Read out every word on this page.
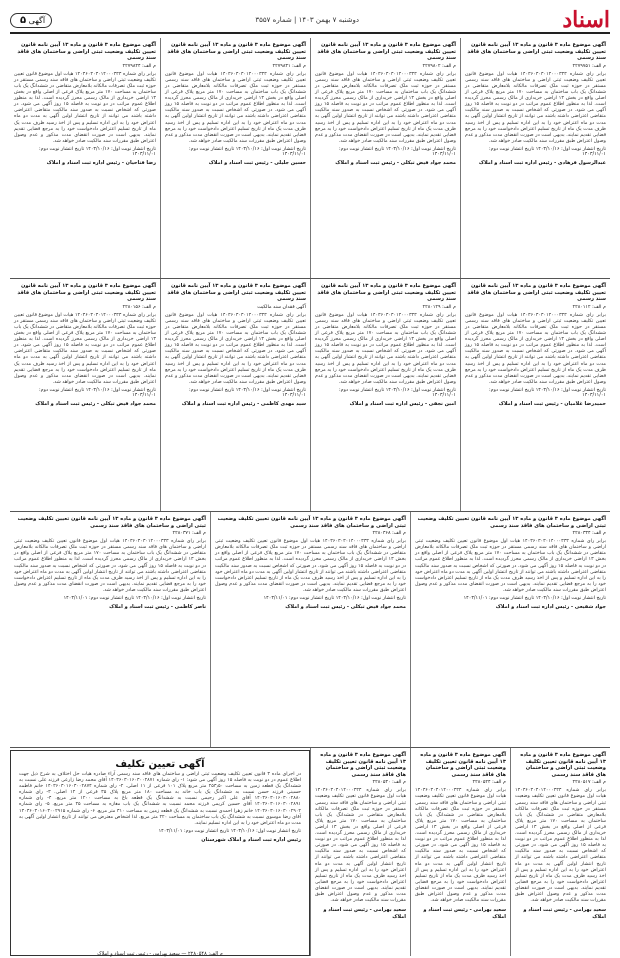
اسناد
دوشنبه ۷ بهمن ۱۴۰۳ | شماره ۳۵۵۷
۵ آگهی
آگهی موضوع ماده ۳ قانون و ماده ۱۳ آیین نامه قانون تعیین تکلیف وضعیت ثبتی اراضی و ساختمان های فاقد سند رسمی
م الف: ۲۲۷۹۷۵۱
برابر رای شماره ۱۴۰۳۶۰۳۰۳۰۱۴۰۰۰۳۳۳ هیات اول موضوع قانون تعیین تکلیف وضعیت ثبتی اراضی و ساختمان های فاقد سند رسمی مستقر در حوزه ثبت ملک تصرفات مالکانه بلامعارض متقاضی در ششدانگ یک باب ساختمان به مساحت ۱۷۰ متر مربع پلاک فرعی از اصلی واقع در بخش ۱۳ اراضی خریداری از مالک رسمی محرز گردیده است. لذا به منظور اطلاع عموم مراتب در دو نوبت به فاصله ۱۵ روز آگهی می شود. در صورتی که اشخاص نسبت به صدور سند مالکیت متقاضی اعتراضی داشته باشند می توانند از تاریخ انتشار اولین آگهی به مدت دو ماه اعتراض خود را به این اداره تسلیم و پس از اخذ رسید ظرف مدت یک ماه از تاریخ تسلیم اعتراض دادخواست خود را به مرجع قضایی تقدیم نمایند. بدیهی است در صورت انقضای مدت مذکور و عدم وصول اعتراض طبق مقررات سند مالکیت صادر خواهد شد.
تاریخ انتشار نوبت اول: ۱۴۰۳/۱۰/۱۶ تاریخ انتشار نوبت دوم: ۱۴۰۳/۱۱/۰۱
عبدالرسول فرهادی - رئیس اداره ثبت اسناد و املاک
آگهی موضوع ماده ۳ قانون و ماده ۱۳ آیین نامه قانون تعیین تکلیف وضعیت ثبتی اراضی و ساختمان های فاقد سند رسمی
م الف: ۲۲۷۹۸۰۲
برابر رای شماره ۱۴۰۳۶۰۳۰۳۰۱۴۰۰۰۳۳۳ هیات اول موضوع قانون تعیین تکلیف وضعیت ثبتی اراضی و ساختمان های فاقد سند رسمی مستقر در حوزه ثبت ملک تصرفات مالکانه بلامعارض متقاضی در ششدانگ یک باب ساختمان به مساحت ۱۷۰ متر مربع پلاک فرعی از اصلی واقع در بخش ۱۳ اراضی خریداری از مالک رسمی محرز گردیده است. لذا به منظور اطلاع عموم مراتب در دو نوبت به فاصله ۱۵ روز آگهی می شود. در صورتی که اشخاص نسبت به صدور سند مالکیت متقاضی اعتراضی داشته باشند می توانند از تاریخ انتشار اولین آگهی به مدت دو ماه اعتراض خود را به این اداره تسلیم و پس از اخذ رسید ظرف مدت یک ماه از تاریخ تسلیم اعتراض دادخواست خود را به مرجع قضایی تقدیم نمایند. بدیهی است در صورت انقضای مدت مذکور و عدم وصول اعتراض طبق مقررات سند مالکیت صادر خواهد شد.
تاریخ انتشار نوبت اول: ۱۴۰۳/۱۰/۱۶ تاریخ انتشار نوبت دوم: ۱۴۰۳/۱۱/۰۱
محمد جواد فیض تبکلی - رئیس ثبت اسناد و املاک
آگهی موضوع ماده ۳ قانون و ماده ۱۳ آیین نامه قانون تعیین تکلیف وضعیت ثبتی اراضی و ساختمان های فاقد سند رسمی
م الف: ۲۲۷۹۸۳۱
برابر رای شماره ۱۴۰۳۶۰۳۰۳۰۱۴۰۰۰۳۳۳ هیات اول موضوع قانون تعیین تکلیف وضعیت ثبتی اراضی و ساختمان های فاقد سند رسمی مستقر در حوزه ثبت ملک تصرفات مالکانه بلامعارض متقاضی در ششدانگ یک باب ساختمان به مساحت ۱۷۰ متر مربع پلاک فرعی از اصلی واقع در بخش ۱۳ اراضی خریداری از مالک رسمی محرز گردیده است. لذا به منظور اطلاع عموم مراتب در دو نوبت به فاصله ۱۵ روز آگهی می شود. در صورتی که اشخاص نسبت به صدور سند مالکیت متقاضی اعتراضی داشته باشند می توانند از تاریخ انتشار اولین آگهی به مدت دو ماه اعتراض خود را به این اداره تسلیم و پس از اخذ رسید ظرف مدت یک ماه از تاریخ تسلیم اعتراض دادخواست خود را به مرجع قضایی تقدیم نمایند. بدیهی است در صورت انقضای مدت مذکور و عدم وصول اعتراض طبق مقررات سند مالکیت صادر خواهد شد.
تاریخ انتشار نوبت اول: ۱۴۰۳/۱۰/۱۶ تاریخ انتشار نوبت دوم: ۱۴۰۳/۱۱/۰۱
حسین جلیلی - رئیس ثبت اسناد و املاک
آگهی موضوع ماده ۳ قانون و ماده ۱۳ آیین نامه قانون تعیین تکلیف وضعیت ثبتی اراضی و ساختمان های فاقد سند رسمی
م الف: ۲۲۷۹۸۴۴
برابر رای شماره ۱۴۰۳۶۰۳۰۳۰۱۴۰۰۰۳۳۳ هیات اول موضوع قانون تعیین تکلیف وضعیت ثبتی اراضی و ساختمان های فاقد سند رسمی مستقر در حوزه ثبت ملک تصرفات مالکانه بلامعارض متقاضی در ششدانگ یک باب ساختمان به مساحت ۱۷۰ متر مربع پلاک فرعی از اصلی واقع در بخش ۱۳ اراضی خریداری از مالک رسمی محرز گردیده است. لذا به منظور اطلاع عموم مراتب در دو نوبت به فاصله ۱۵ روز آگهی می شود. در صورتی که اشخاص نسبت به صدور سند مالکیت متقاضی اعتراضی داشته باشند می توانند از تاریخ انتشار اولین آگهی به مدت دو ماه اعتراض خود را به این اداره تسلیم و پس از اخذ رسید ظرف مدت یک ماه از تاریخ تسلیم اعتراض دادخواست خود را به مرجع قضایی تقدیم نمایند. بدیهی است در صورت انقضای مدت مذکور و عدم وصول اعتراض طبق مقررات سند مالکیت صادر خواهد شد.
تاریخ انتشار نوبت اول: ۱۴۰۳/۱۰/۱۶ تاریخ انتشار نوبت دوم: ۱۴۰۳/۱۱/۰۱
رضا فتاحیان - رئیس اداره ثبت اسناد و املاک
آگهی موضوع ماده ۳ قانون و ماده ۱۳ آیین نامه قانون تعیین تکلیف وضعیت ثبتی اراضی و ساختمان های فاقد سند رسمی
م الف: ۲۲۸۰۱۱۲
برابر رای شماره ۱۴۰۳۶۰۳۰۳۰۱۴۰۰۰۳۳۳ هیات اول موضوع قانون تعیین تکلیف وضعیت ثبتی اراضی و ساختمان های فاقد سند رسمی مستقر در حوزه ثبت ملک تصرفات مالکانه بلامعارض متقاضی در ششدانگ یک باب ساختمان به مساحت ۱۷۰ متر مربع پلاک فرعی از اصلی واقع در بخش ۱۳ اراضی خریداری از مالک رسمی محرز گردیده است. لذا به منظور اطلاع عموم مراتب در دو نوبت به فاصله ۱۵ روز آگهی می شود. در صورتی که اشخاص نسبت به صدور سند مالکیت متقاضی اعتراضی داشته باشند می توانند از تاریخ انتشار اولین آگهی به مدت دو ماه اعتراض خود را به این اداره تسلیم و پس از اخذ رسید ظرف مدت یک ماه از تاریخ تسلیم اعتراض دادخواست خود را به مرجع قضایی تقدیم نمایند. بدیهی است در صورت انقضای مدت مذکور و عدم وصول اعتراض طبق مقررات سند مالکیت صادر خواهد شد.
تاریخ انتشار نوبت اول: ۱۴۰۳/۱۰/۱۶ تاریخ انتشار نوبت دوم: ۱۴۰۳/۱۱/۰۱
حمیدرضا غلامیان - رئیس ثبت اسناد و املاک
آگهی موضوع ماده ۳ قانون و ماده ۱۳ آیین نامه قانون تعیین تکلیف وضعیت ثبتی اراضی و ساختمان های فاقد سند رسمی
م الف: ۲۲۸۰۱۲۹
برابر رای شماره ۱۴۰۳۶۰۳۰۳۰۱۴۰۰۰۳۳۳ هیات اول موضوع قانون تعیین تکلیف وضعیت ثبتی اراضی و ساختمان های فاقد سند رسمی مستقر در حوزه ثبت ملک تصرفات مالکانه بلامعارض متقاضی در ششدانگ یک باب ساختمان به مساحت ۱۷۰ متر مربع پلاک فرعی از اصلی واقع در بخش ۱۳ اراضی خریداری از مالک رسمی محرز گردیده است. لذا به منظور اطلاع عموم مراتب در دو نوبت به فاصله ۱۵ روز آگهی می شود. در صورتی که اشخاص نسبت به صدور سند مالکیت متقاضی اعتراضی داشته باشند می توانند از تاریخ انتشار اولین آگهی به مدت دو ماه اعتراض خود را به این اداره تسلیم و پس از اخذ رسید ظرف مدت یک ماه از تاریخ تسلیم اعتراض دادخواست خود را به مرجع قضایی تقدیم نمایند. بدیهی است در صورت انقضای مدت مذکور و عدم وصول اعتراض طبق مقررات سند مالکیت صادر خواهد شد.
تاریخ انتشار نوبت اول: ۱۴۰۳/۱۰/۱۶ تاریخ انتشار نوبت دوم: ۱۴۰۳/۱۱/۰۱
امین نجفی - رئیس اداره ثبت اسناد و املاک
آگهی موضوع ماده ۳ قانون و ماده ۱۳ آیین نامه قانون تعیین تکلیف وضعیت ثبتی اراضی و ساختمان های فاقد سند رسمی
آگهی فقدان سند مالکیت
برابر رای شماره ۱۴۰۳۶۰۳۰۳۰۱۴۰۰۰۳۳۳ هیات اول موضوع قانون تعیین تکلیف وضعیت ثبتی اراضی و ساختمان های فاقد سند رسمی مستقر در حوزه ثبت ملک تصرفات مالکانه بلامعارض متقاضی در ششدانگ یک باب ساختمان به مساحت ۱۷۰ متر مربع پلاک فرعی از اصلی واقع در بخش ۱۳ اراضی خریداری از مالک رسمی محرز گردیده است. لذا به منظور اطلاع عموم مراتب در دو نوبت به فاصله ۱۵ روز آگهی می شود. در صورتی که اشخاص نسبت به صدور سند مالکیت متقاضی اعتراضی داشته باشند می توانند از تاریخ انتشار اولین آگهی به مدت دو ماه اعتراض خود را به این اداره تسلیم و پس از اخذ رسید ظرف مدت یک ماه از تاریخ تسلیم اعتراض دادخواست خود را به مرجع قضایی تقدیم نمایند. بدیهی است در صورت انقضای مدت مذکور و عدم وصول اعتراض طبق مقررات سند مالکیت صادر خواهد شد.
تاریخ انتشار نوبت اول: ۱۴۰۳/۱۰/۱۶ تاریخ انتشار نوبت دوم: ۱۴۰۳/۱۱/۰۱
سید مهدی کاظمی - رئیس اداره ثبت اسناد و املاک
آگهی موضوع ماده ۳ قانون و ماده ۱۳ آیین نامه قانون تعیین تکلیف وضعیت ثبتی اراضی و ساختمان های فاقد سند رسمی
م الف: ۲۲۸۰۱۵۶
برابر رای شماره ۱۴۰۳۶۰۳۰۳۰۱۴۰۰۰۳۳۳ هیات اول موضوع قانون تعیین تکلیف وضعیت ثبتی اراضی و ساختمان های فاقد سند رسمی مستقر در حوزه ثبت ملک تصرفات مالکانه بلامعارض متقاضی در ششدانگ یک باب ساختمان به مساحت ۱۷۰ متر مربع پلاک فرعی از اصلی واقع در بخش ۱۳ اراضی خریداری از مالک رسمی محرز گردیده است. لذا به منظور اطلاع عموم مراتب در دو نوبت به فاصله ۱۵ روز آگهی می شود. در صورتی که اشخاص نسبت به صدور سند مالکیت متقاضی اعتراضی داشته باشند می توانند از تاریخ انتشار اولین آگهی به مدت دو ماه اعتراض خود را به این اداره تسلیم و پس از اخذ رسید ظرف مدت یک ماه از تاریخ تسلیم اعتراض دادخواست خود را به مرجع قضایی تقدیم نمایند. بدیهی است در صورت انقضای مدت مذکور و عدم وصول اعتراض طبق مقررات سند مالکیت صادر خواهد شد.
تاریخ انتشار نوبت اول: ۱۴۰۳/۱۰/۱۶ تاریخ انتشار نوبت دوم: ۱۴۰۳/۱۱/۰۱
محمد جواد فیض تبکلی - رئیس ثبت اسناد و املاک
آگهی موضوع ماده ۳ قانون و ماده ۱۳ آیین نامه قانون تعیین تکلیف وضعیت ثبتی اراضی و ساختمان های فاقد سند رسمی
م الف: ۲۲۸۰۳۳۴
برابر رای شماره ۱۴۰۳۶۰۳۰۳۰۱۴۰۰۰۳۳۳ هیات اول موضوع قانون تعیین تکلیف وضعیت ثبتی اراضی و ساختمان های فاقد سند رسمی مستقر در حوزه ثبت ملک تصرفات مالکانه بلامعارض متقاضی در ششدانگ یک باب ساختمان به مساحت ۱۷۰ متر مربع پلاک فرعی از اصلی واقع در بخش ۱۳ اراضی خریداری از مالک رسمی محرز گردیده است. لذا به منظور اطلاع عموم مراتب در دو نوبت به فاصله ۱۵ روز آگهی می شود. در صورتی که اشخاص نسبت به صدور سند مالکیت متقاضی اعتراضی داشته باشند می توانند از تاریخ انتشار اولین آگهی به مدت دو ماه اعتراض خود را به این اداره تسلیم و پس از اخذ رسید ظرف مدت یک ماه از تاریخ تسلیم اعتراض دادخواست خود را به مرجع قضایی تقدیم نمایند. بدیهی است در صورت انقضای مدت مذکور و عدم وصول اعتراض طبق مقررات سند مالکیت صادر خواهد شد.
تاریخ انتشار نوبت اول: ۱۴۰۳/۱۰/۱۶ تاریخ انتشار نوبت دوم: ۱۴۰۳/۱۱/۰۱
جواد شفیعی - رئیس اداره ثبت اسناد و املاک
آگهی موضوع ماده ۳ قانون و ماده ۱۳ آیین نامه قانون تعیین تکلیف وضعیت ثبتی اراضی و ساختمان های فاقد سند رسمی
م الف: ۲۲۸۰۳۶۸
برابر رای شماره ۱۴۰۳۶۰۳۰۳۰۱۴۰۰۰۳۳۳ هیات اول موضوع قانون تعیین تکلیف وضعیت ثبتی اراضی و ساختمان های فاقد سند رسمی مستقر در حوزه ثبت ملک تصرفات مالکانه بلامعارض متقاضی در ششدانگ یک باب ساختمان به مساحت ۱۷۰ متر مربع پلاک فرعی از اصلی واقع در بخش ۱۳ اراضی خریداری از مالک رسمی محرز گردیده است. لذا به منظور اطلاع عموم مراتب در دو نوبت به فاصله ۱۵ روز آگهی می شود. در صورتی که اشخاص نسبت به صدور سند مالکیت متقاضی اعتراضی داشته باشند می توانند از تاریخ انتشار اولین آگهی به مدت دو ماه اعتراض خود را به این اداره تسلیم و پس از اخذ رسید ظرف مدت یک ماه از تاریخ تسلیم اعتراض دادخواست خود را به مرجع قضایی تقدیم نمایند. بدیهی است در صورت انقضای مدت مذکور و عدم وصول اعتراض طبق مقررات سند مالکیت صادر خواهد شد.
تاریخ انتشار نوبت اول: ۱۴۰۳/۱۰/۱۶ تاریخ انتشار نوبت دوم: ۱۴۰۳/۱۱/۰۱
محمد جواد فیض تبکلی - رئیس ثبت اسناد و املاک
آگهی موضوع ماده ۳ قانون و ماده ۱۳ آیین نامه قانون تعیین تکلیف وضعیت ثبتی اراضی و ساختمان های فاقد سند رسمی
م الف: ۲۲۸۰۳۷۱
برابر رای شماره ۱۴۰۳۶۰۳۰۳۰۱۴۰۰۰۳۳۳ هیات اول موضوع قانون تعیین تکلیف وضعیت ثبتی اراضی و ساختمان های فاقد سند رسمی مستقر در حوزه ثبت ملک تصرفات مالکانه بلامعارض متقاضی در ششدانگ یک باب ساختمان به مساحت ۱۷۰ متر مربع پلاک فرعی از اصلی واقع در بخش ۱۳ اراضی خریداری از مالک رسمی محرز گردیده است. لذا به منظور اطلاع عموم مراتب در دو نوبت به فاصله ۱۵ روز آگهی می شود. در صورتی که اشخاص نسبت به صدور سند مالکیت متقاضی اعتراضی داشته باشند می توانند از تاریخ انتشار اولین آگهی به مدت دو ماه اعتراض خود را به این اداره تسلیم و پس از اخذ رسید ظرف مدت یک ماه از تاریخ تسلیم اعتراض دادخواست خود را به مرجع قضایی تقدیم نمایند. بدیهی است در صورت انقضای مدت مذکور و عدم وصول اعتراض طبق مقررات سند مالکیت صادر خواهد شد.
تاریخ انتشار نوبت اول: ۱۴۰۳/۱۰/۱۶ تاریخ انتشار نوبت دوم: ۱۴۰۳/۱۱/۰۱
ناصر کاظمی - رئیس ثبت اسناد و املاک
آگهی موضوع ماده ۳ قانون و ماده ۱۳ آیین نامه قانون تعیین تکلیف وضعیت ثبتی اراضی و ساختمان های فاقد سند رسمی
م الف: ۲۲۸۰۵۱۷
برابر رای شماره ۱۴۰۳۶۰۳۰۳۰۱۴۰۰۰۳۳۳ هیات اول موضوع قانون تعیین تکلیف وضعیت ثبتی اراضی و ساختمان های فاقد سند رسمی مستقر در حوزه ثبت ملک تصرفات مالکانه بلامعارض متقاضی در ششدانگ یک باب ساختمان به مساحت ۱۷۰ متر مربع پلاک فرعی از اصلی واقع در بخش ۱۳ اراضی خریداری از مالک رسمی محرز گردیده است. لذا به منظور اطلاع عموم مراتب در دو نوبت به فاصله ۱۵ روز آگهی می شود. در صورتی که اشخاص نسبت به صدور سند مالکیت متقاضی اعتراضی داشته باشند می توانند از تاریخ انتشار اولین آگهی به مدت دو ماه اعتراض خود را به این اداره تسلیم و پس از اخذ رسید ظرف مدت یک ماه از تاریخ تسلیم اعتراض دادخواست خود را به مرجع قضایی تقدیم نمایند. بدیهی است در صورت انقضای مدت مذکور و عدم وصول اعتراض طبق مقررات سند مالکیت صادر خواهد شد.
سعید بهرامی - رئیس ثبت اسناد و املاک
آگهی موضوع ماده ۳ قانون و ماده ۱۳ آیین نامه قانون تعیین تکلیف وضعیت ثبتی اراضی و ساختمان های فاقد سند رسمی
م الف: ۲۲۸۰۵۲۴
برابر رای شماره ۱۴۰۳۶۰۳۰۳۰۱۴۰۰۰۳۳۳ هیات اول موضوع قانون تعیین تکلیف وضعیت ثبتی اراضی و ساختمان های فاقد سند رسمی مستقر در حوزه ثبت ملک تصرفات مالکانه بلامعارض متقاضی در ششدانگ یک باب ساختمان به مساحت ۱۷۰ متر مربع پلاک فرعی از اصلی واقع در بخش ۱۳ اراضی خریداری از مالک رسمی محرز گردیده است. لذا به منظور اطلاع عموم مراتب در دو نوبت به فاصله ۱۵ روز آگهی می شود. در صورتی که اشخاص نسبت به صدور سند مالکیت متقاضی اعتراضی داشته باشند می توانند از تاریخ انتشار اولین آگهی به مدت دو ماه اعتراض خود را به این اداره تسلیم و پس از اخذ رسید ظرف مدت یک ماه از تاریخ تسلیم اعتراض دادخواست خود را به مرجع قضایی تقدیم نمایند. بدیهی است در صورت انقضای مدت مذکور و عدم وصول اعتراض طبق مقررات سند مالکیت صادر خواهد شد.
سعید بهرامی - رئیس ثبت اسناد و املاک
آگهی موضوع ماده ۳ قانون و ماده ۱۳ آیین نامه قانون تعیین تکلیف وضعیت ثبتی اراضی و ساختمان های فاقد سند رسمی
م الف: ۲۲۸۰۵۳۰
برابر رای شماره ۱۴۰۳۶۰۳۰۳۰۱۴۰۰۰۳۳۳ هیات اول موضوع قانون تعیین تکلیف وضعیت ثبتی اراضی و ساختمان های فاقد سند رسمی مستقر در حوزه ثبت ملک تصرفات مالکانه بلامعارض متقاضی در ششدانگ یک باب ساختمان به مساحت ۱۷۰ متر مربع پلاک فرعی از اصلی واقع در بخش ۱۳ اراضی خریداری از مالک رسمی محرز گردیده است. لذا به منظور اطلاع عموم مراتب در دو نوبت به فاصله ۱۵ روز آگهی می شود. در صورتی که اشخاص نسبت به صدور سند مالکیت متقاضی اعتراضی داشته باشند می توانند از تاریخ انتشار اولین آگهی به مدت دو ماه اعتراض خود را به این اداره تسلیم و پس از اخذ رسید ظرف مدت یک ماه از تاریخ تسلیم اعتراض دادخواست خود را به مرجع قضایی تقدیم نمایند. بدیهی است در صورت انقضای مدت مذکور و عدم وصول اعتراض طبق مقررات سند مالکیت صادر خواهد شد.
سعید بهرامی - رئیس ثبت اسناد و املاک
آگهی تعیین تکلیف
در اجرای ماده ۳ قانون تعیین تکلیف وضعیت ثبتی اراضی و ساختمان های فاقد سند رسمی آراء صادره هیات حل اختلاف به شرح ذیل جهت اطلاع عموم در دو نوبت به فاصله ۱۵ روز آگهی می شود: ۱- رای شماره ۱۴۰۳۶۰۳۰۱۶۰۳۰۰۲۸۷۱ آقای محمد رضا زارعی فرزند علی نسبت به ششدانگ یک قطعه زمین به مساحت ۲۵۳٫۵۰ متر مربع پلاک ۱۰۱ فرعی از ۱۱ اصلی. ۲- رای شماره ۱۴۰۳۶۰۳۰۱۶۰۳۰۰۲۸۷۴ خانم فاطمه حسینی فرزند حسن نسبت به ششدانگ یک باب خانه به مساحت ۱۸۰ متر مربع پلاک ۳۵ فرعی از ۱۲ اصلی. ۳- رای شماره ۱۴۰۳۶۰۳۰۱۶۰۳۰۰۲۸۸۰ آقای علی اکبر رحیمی نسبت به ششدانگ یک قطعه باغ به مساحت ۱۲۰۰ متر مربع. ۴- رای شماره ۱۴۰۳۶۰۳۰۱۶۰۳۰۰۲۸۹۱ آقای حسین کریمی فرزند محمد نسبت به ششدانگ یک باب مغازه به مساحت ۴۵ متر مربع. ۵- رای شماره ۱۴۰۳۶۰۳۰۱۶۰۳۰۰۲۹۰۲ خانم زهرا احمدی نسبت به ششدانگ یک قطعه زمین به مساحت ۳۱۰ متر مربع. ۶- رای شماره ۱۴۰۳۶۰۳۰۱۶۰۳۰۰۲۹۱۵ آقای رضا موسوی نسبت به ششدانگ یک باب ساختمان به مساحت ۲۲۰ متر مربع. لذا اشخاص معترض می توانند از تاریخ انتشار اولین آگهی به مدت دو ماه اعتراض خود را به این اداره تسلیم نمایند.
تاریخ انتشار نوبت اول: ۱۴۰۳/۱۰/۱۶ تاریخ انتشار نوبت دوم: ۱۴۰۳/۱۱/۰۱
رئیس اداره ثبت اسناد و املاک شهرستان
م الف: ۲۲۸۰۵۴۸ — سعید بهرامی - رئیس ثبت اسناد و املاک
